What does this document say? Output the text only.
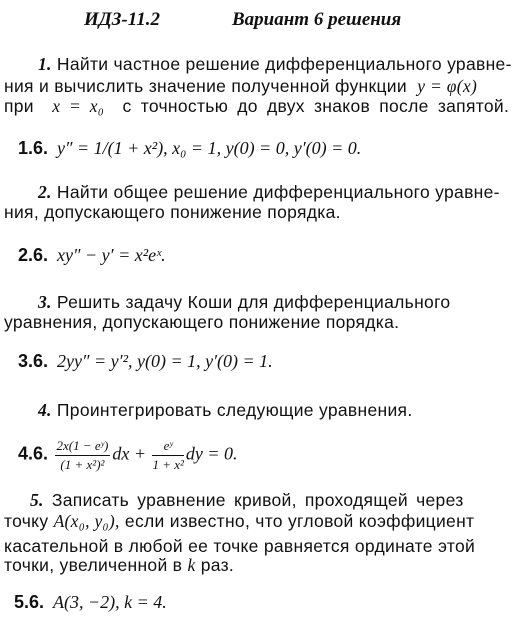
ИДЗ-11.2	Вариант 6 решения
1. Найти частное решение дифференциального уравне-
ния и вычислить значение полученной функции y = φ(x)
при x = x₀ с точностью до двух знаков после запятой.
1.6. y″ = 1/(1 + x²), x₀ = 1, y(0) = 0, y′(0) = 0.
2. Найти общее решение дифференциального уравне-
ния, допускающего понижение порядка.
2.6. xy″ − y′ = x²eˣ.
3. Решить задачу Коши для дифференциального
уравнения, допускающего понижение порядка.
3.6. 2yy″ = y′², y(0) = 1, y′(0) = 1.
4. Проинтегрировать следующие уравнения.
4.6. $\frac{\text{2x(1 − eʸ)}}{\text{(1 + x²)²}}$ dx + $\frac{\text{eʸ}}{\text{1 + x²}}$ dy = 0.
5. Записать уравнение кривой, проходящей через
точку A(x₀, y₀), если известно, что угловой коэффициент
касательной в любой ее точке равняется ординате этой
точки, увеличенной в k раз.
5.6. A(3, −2), k = 4.
